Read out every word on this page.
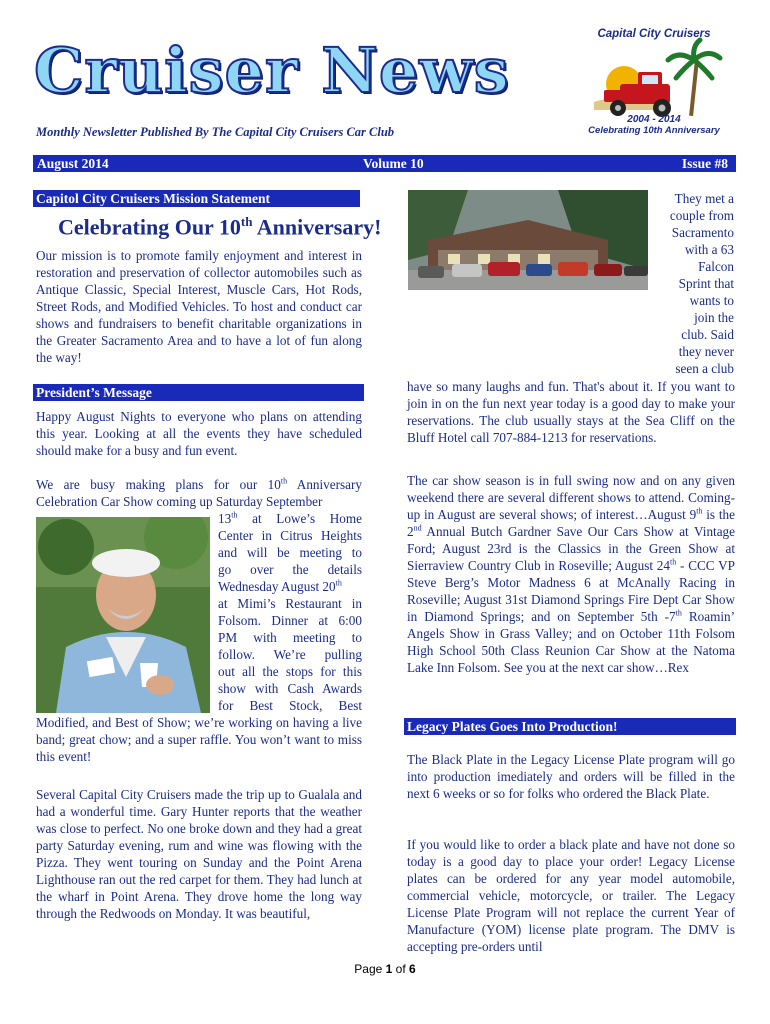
Cruiser News
Monthly Newsletter Published By The Capital City Cruisers Car Club
Capital City Cruisers
2004 - 2014
Celebrating 10th Anniversary
August 2014	Volume 10	Issue #8
Capitol City Cruisers Mission Statement
Celebrating Our 10th Anniversary!
Our mission is to promote family enjoyment and interest in restoration and preservation of collector automobiles such as Antique Classic, Special Interest, Muscle Cars, Hot Rods, Street Rods, and Modified Vehicles. To host and conduct car shows and fundraisers to benefit charitable organizations in the Greater Sacramento Area and to have a lot of fun along the way!
President’s Message
Happy August Nights to everyone who plans on attending this year. Looking at all the events they have scheduled should make for a busy and fun event.
We are busy making plans for our 10th Anniversary Celebration Car Show coming up Saturday September
13th at Lowe’s Home
Center in Citrus Heights
and will be meeting to
go over the details
Wednesday August 20th
at Mimi’s Restaurant in
Folsom. Dinner at 6:00
PM with meeting to
follow. We’re pulling
out all the stops for this
show with Cash Awards
for Best Stock, Best
Modified, and Best of Show; we’re working on having a live band; great chow; and a super raffle. You won’t want to miss this event!
Several Capital City Cruisers made the trip up to Gualala and had a wonderful time. Gary Hunter reports that the weather was close to perfect. No one broke down and they had a great party Saturday evening, rum and wine was flowing with the Pizza. They went touring on Sunday and the Point Arena Lighthouse ran out the red carpet for them. They had lunch at the wharf in Point Arena. They drove home the long way through the Redwoods on Monday. It was beautiful,
They met a
couple from
Sacramento
with a 63
Falcon
Sprint that
wants to
join the
club. Said
they never
seen a club
have so many laughs and fun. That's about it. If you want to join in on the fun next year today is a good day to make your reservations. The club usually stays at the Sea Cliff on the Bluff Hotel call 707-884-1213 for reservations.
The car show season is in full swing now and on any given weekend there are several different shows to attend. Coming-up in August are several shows; of interest…August 9th is the 2nd Annual Butch Gardner Save Our Cars Show at Vintage Ford; August 23rd is the Classics in the Green Show at Sierraview Country Club in Roseville; August 24th - CCC VP Steve Berg’s Motor Madness 6 at McAnally Racing in Roseville; August 31st Diamond Springs Fire Dept Car Show in Diamond Springs; and on September 5th -7th Roamin’ Angels Show in Grass Valley; and on October 11th Folsom High School 50th Class Reunion Car Show at the Natoma Lake Inn Folsom. See you at the next car show…Rex
Legacy Plates Goes Into Production!
The Black Plate in the Legacy License Plate program will go into production imediately and orders will be filled in the next 6 weeks or so for folks who ordered the Black Plate.
If you would like to order a black plate and have not done so today is a good day to place your order! Legacy License plates can be ordered for any year model automobile, commercial vehicle, motorcycle, or trailer. The Legacy License Plate Program will not replace the current Year of Manufacture (YOM) license plate program. The DMV is accepting pre-orders until
Page 1 of 6
